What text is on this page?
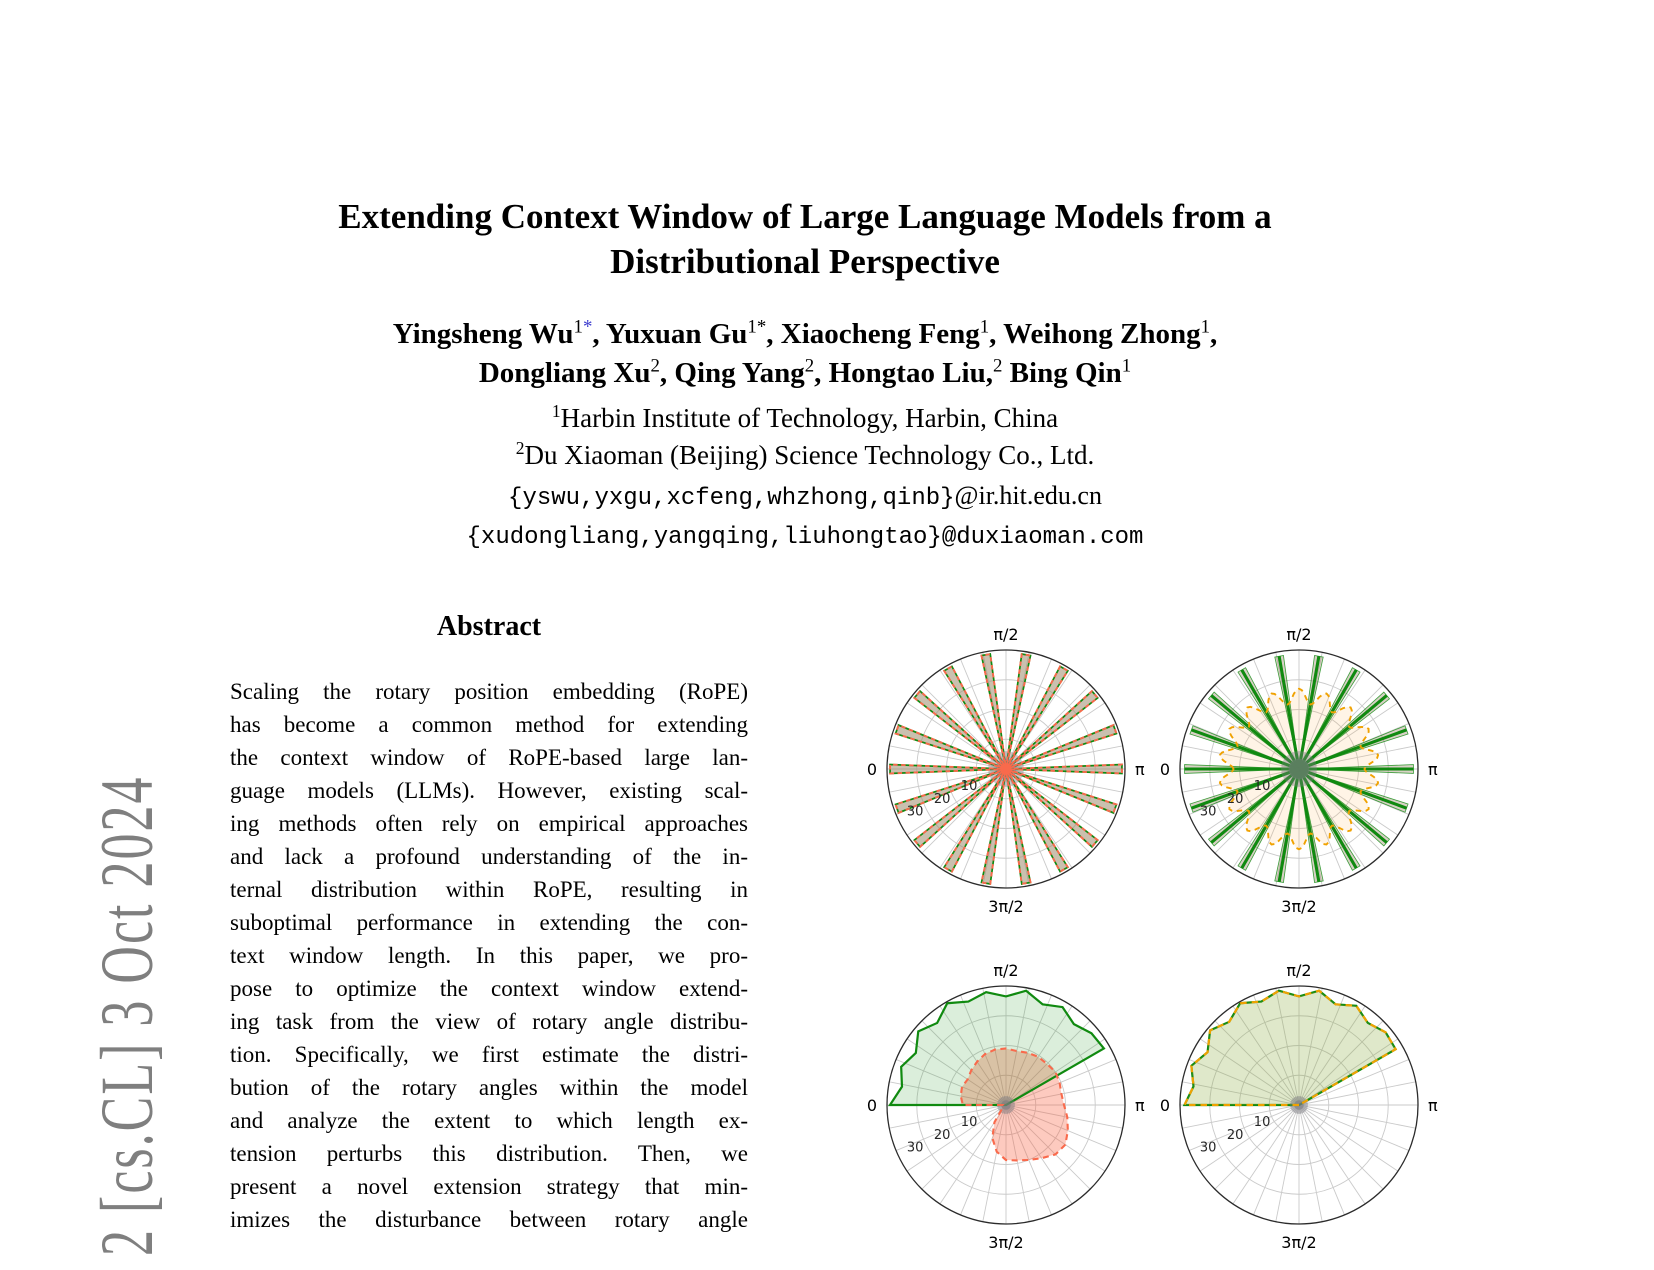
2 [cs.CL] 3 Oct 2024
Extending Context Window of Large Language Models from a
Distributional Perspective
Yingsheng $Wu^{1*}$, Yuxuan $Gu^{1*}$, Xiaocheng Feng$^1$, Weihong Zhong$^1$,
Dongliang Xu$^2$, Qing Yang$^2$, Hongtao Liu,$^2$ Bing Qin$^1$
$^1$Harbin Institute of Technology, Harbin, China
$^2$Du Xiaoman (Beijing) Science Technology Co., Ltd.
{yswu,yxgu,xcfeng,whzhong,qinb}@ir.hit.edu.cn
{xudongliang,yangqing,liuhongtao}@duxiaoman.com
Abstract
Scaling the rotary position embedding (RoPE)
has become a common method for extending
the context window of RoPE-based large lan-
guage models (LLMs). However, existing scal-
ing methods often rely on empirical approaches
and lack a profound understanding of the in-
ternal distribution within RoPE, resulting in
suboptimal performance in extending the con-
text window length. In this paper, we pro-
pose to optimize the context window extend-
ing task from the view of rotary angle distribu-
tion. Specifically, we first estimate the distri-
bution of the rotary angles within the model
and analyze the extent to which length ex-
tension perturbs this distribution. Then, we
present a novel extension strategy that min-
imizes the disturbance between rotary angle
10
20
30
0
π/2
π
3π/2
10
20
30
0
π/2
π
3π/2
10
20
30
0
π/2
π
3π/2
10
20
30
0
π/2
π
3π/2
